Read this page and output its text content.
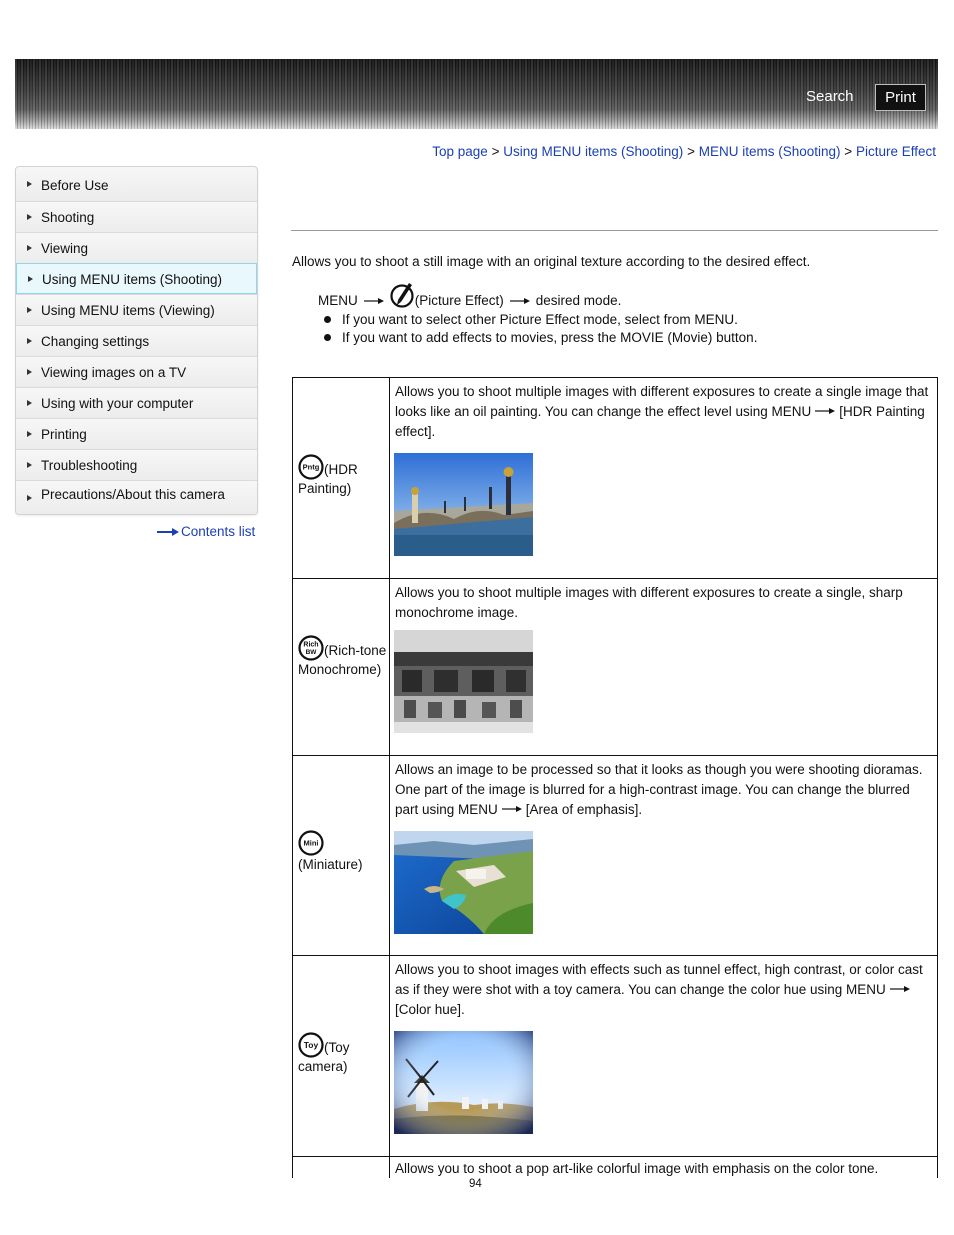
Search	Print
Top page > Using MENU items (Shooting) > MENU items (Shooting) > Picture Effect
Before Use
Shooting
Viewing
Using MENU items (Shooting)
Using MENU items (Viewing)
Changing settings
Viewing images on a TV
Using with your computer
Printing
Troubleshooting
Precautions/About this camera
Contents list
Allows you to shoot a still image with an original texture according to the desired effect.
MENU	(Picture Effect) desired mode.
If you want to select other Picture Effect mode, select from MENU.
If you want to add effects to movies, press the MOVIE (Movie) button.
Pntg (HDR Painting)
Allows you to shoot multiple images with different exposures to create a single image that looks like an oil painting. You can change the effect level using MENU [HDR Painting effect].
Rich
BW (Rich-tone Monochrome)
Allows you to shoot multiple images with different exposures to create a single, sharp monochrome image.
Mini

(Miniature)
Allows an image to be processed so that it looks as though you were shooting dioramas. One part of the image is blurred for a high-contrast image. You can change the blurred part using MENU [Area of emphasis].
Toy (Toy camera)
Allows you to shoot images with effects such as tunnel effect, high contrast, or color cast as if they were shot with a toy camera. You can change the color hue using MENU[Color hue].
Allows you to shoot a pop art-like colorful image with emphasis on the color tone.
94
